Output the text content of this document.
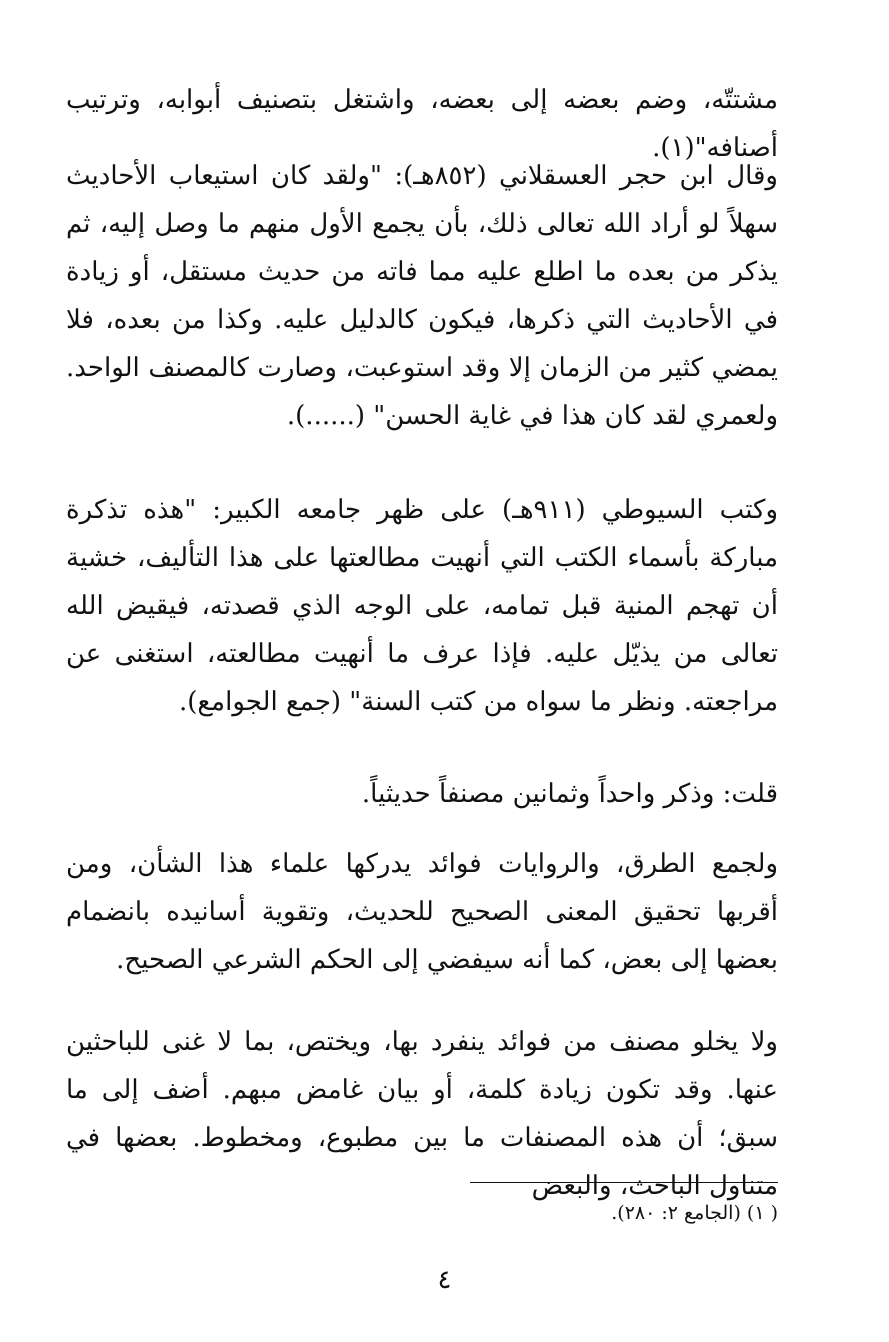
مشتتّه، وضم بعضه إلى بعضه، واشتغل بتصنيف أبوابه، وترتيب أصنافه"(١).

وقال ابن حجر العسقلاني (٨٥٢هـ): "ولقد كان استيعاب الأحاديث سهلاً لو أراد الله تعالى ذلك، بأن يجمع الأول منهم ما وصل إليه، ثم يذكر من بعده ما اطلع عليه مما فاته من حديث مستقل، أو زيادة في الأحاديث التي ذكرها، فيكون كالدليل عليه. وكذا من بعده، فلا يمضي كثير من الزمان إلا وقد استوعبت، وصارت كالمصنف الواحد. ولعمري لقد كان هذا في غاية الحسن" (......).

وكتب السيوطي (٩١١هـ) على ظهر جامعه الكبير: "هذه تذكرة مباركة بأسماء الكتب التي أنهيت مطالعتها على هذا التأليف، خشية أن تهجم المنية قبل تمامه، على الوجه الذي قصدته، فيقيض الله تعالى من يذيّل عليه. فإذا عرف ما أنهيت مطالعته، استغنى عن مراجعته. ونظر ما سواه من كتب السنة" (جمع الجوامع).

قلت: وذكر واحداً وثمانين مصنفاً حديثياً.

ولجمع الطرق، والروايات فوائد يدركها علماء هذا الشأن، ومن أقربها تحقيق المعنى الصحيح للحديث، وتقوية أسانيده بانضمام بعضها إلى بعض، كما أنه سيفضي إلى الحكم الشرعي الصحيح.

ولا يخلو مصنف من فوائد ينفرد بها، ويختص، بما لا غنى للباحثين عنها. وقد تكون زيادة كلمة، أو بيان غامض مبهم. أضف إلى ما سبق؛ أن هذه المصنفات ما بين مطبوع، ومخطوط. بعضها في متناول الباحث، والبعض

( ١) (الجامع ٢: ٢٨٠).
٤
